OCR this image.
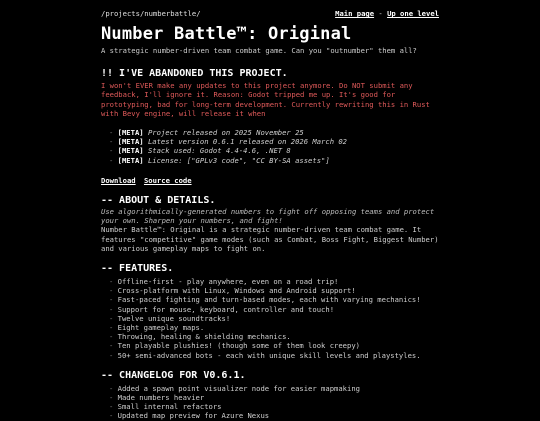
/projects/numberbattle/	Main page - Up one level
Number Battle™: Original
A strategic number-driven team combat game. Can you "outnumber" them all?
!! I'VE ABANDONED THIS PROJECT.
I won't EVER make any updates to this project anymore. Do NOT submit any feedback, I'll ignore it. Reason: Godot tripped me up. It's good for prototyping, bad for long-term development. Currently rewriting this in Rust with Bevy engine, will release it when
- [META] Project released on 2025 November 25
- [META] Latest version 0.6.1 released on 2026 March 02
- [META] Stack used: Godot 4.4-4.6, .NET 8
- [META] License: ["GPLv3 code", "CC BY-SA assets"]
Download Source code
-- ABOUT & DETAILS.
Use algorithmically-generated numbers to fight off opposing teams and protect your own. Sharpen your numbers, and fight!
Number Battle™: Original is a strategic number-driven team combat game. It features "competitive" game modes (such as Combat, Boss Fight, Biggest Number) and various gameplay maps to fight on.
-- FEATURES.
- Offline-first - play anywhere, even on a road trip!
- Cross-platform with Linux, Windows and Android support!
- Fast-paced fighting and turn-based modes, each with varying mechanics!
- Support for mouse, keyboard, controller and touch!
- Twelve unique soundtracks!
- Eight gameplay maps.
- Throwing, healing & shielding mechanics.
- Ten playable plushies! (though some of them look creepy)
- 50+ semi-advanced bots - each with unique skill levels and playstyles.
-- CHANGELOG FOR V0.6.1.
- Added a spawn point visualizer node for easier mapmaking
- Made numbers heavier
- Small internal refactors
- Updated map preview for Azure Nexus
